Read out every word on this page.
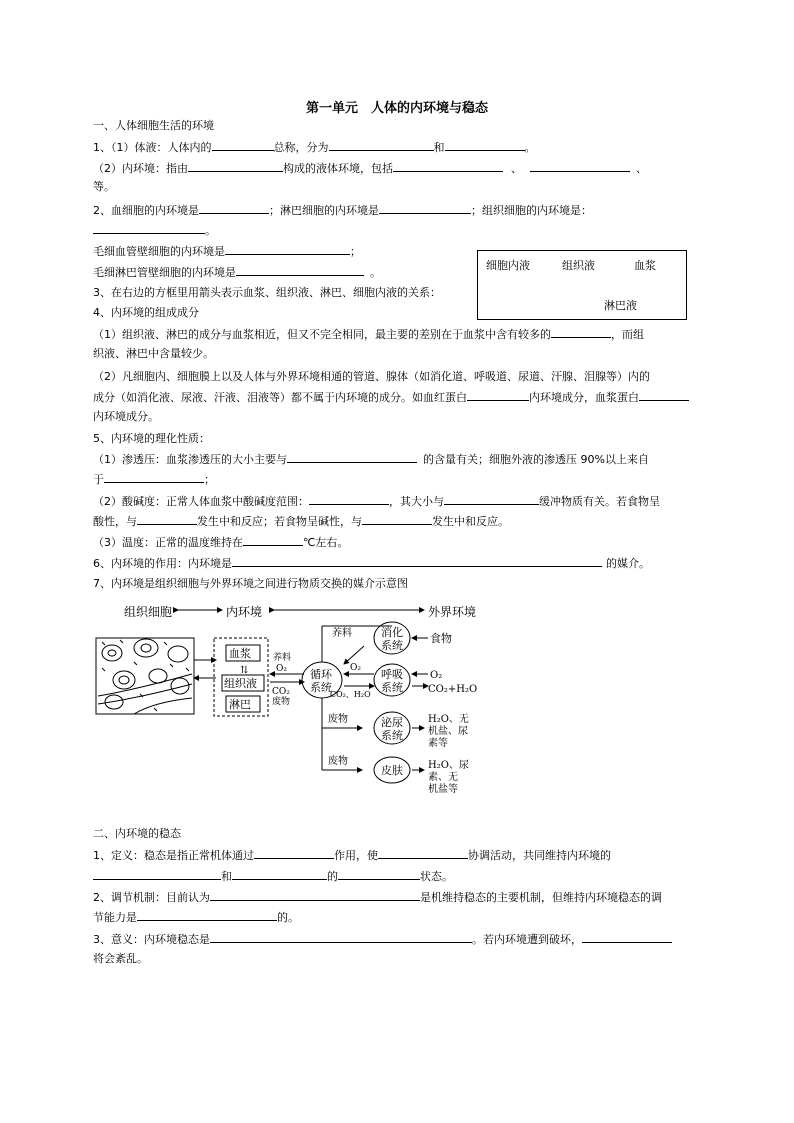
第一单元　人体的内环境与稳态
一、人体细胞生活的环境
1、（1）体液：人体内的	总称，分为	和	。
（2）内环境：指由	构成的液体环境，包括	、	、
等。
2、血细胞的内环境是	；淋巴细胞的内环境是	；组织细胞的内环境是：
。
毛细血管壁细胞的内环境是	；
毛细淋巴管壁细胞的内环境是	。
细胞内液	组织液	血浆
淋巴液
3、在右边的方框里用箭头表示血浆、组织液、淋巴、细胞内液的关系：
4、内环境的组成成分
（1）组织液、淋巴的成分与血浆相近，但又不完全相同，最主要的差别在于血浆中含有较多的	，而组
织液、淋巴中含量较少。
（2）凡细胞内、细胞膜上以及人体与外界环境相通的管道、腺体（如消化道、呼吸道、尿道、汗腺、泪腺等）内的
成分（如消化液、尿液、汗液、泪液等）都不属于内环境的成分。如血红蛋白	内环境成分，血浆蛋白
内环境成分。
5、内环境的理化性质：
（1）渗透压：血浆渗透压的大小主要与	的含量有关；细胞外液的渗透压 90%以上来自
于	；
（2）酸碱度：正常人体血浆中酸碱度范围：	，其大小与	缓冲物质有关。若食物呈
酸性，与	发生中和反应；若食物呈碱性，与	发生中和反应。
（3）温度：正常的温度维持在	℃左右。
6、内环境的作用：内环境是	的媒介。
7、内环境是组织细胞与外界环境之间进行物质交换的媒介示意图
组织细胞	内环境	外界环境
血浆
⇅
组织液
淋巴
养料
O₂
CO₂
废物
循环
系统
养料
废物
废物
消化
系统
食物
呼吸
系统
O₂
CO₂、H₂O
O₂
CO₂+H₂O
泌尿
系统
H₂O、无
机盐、尿
素等
皮肤	H₂O、尿
素、无
机盐等
二、内环境的稳态
1、定义：稳态是指正常机体通过	作用，使	协调活动，共同维持内环境的
和	的	状态。
2、调节机制：目前认为	是机维持稳态的主要机制，但维持内环境稳态的调
节能力是	的。
3、意义：内环境稳态是	。若内环境遭到破坏，
将会紊乱。
